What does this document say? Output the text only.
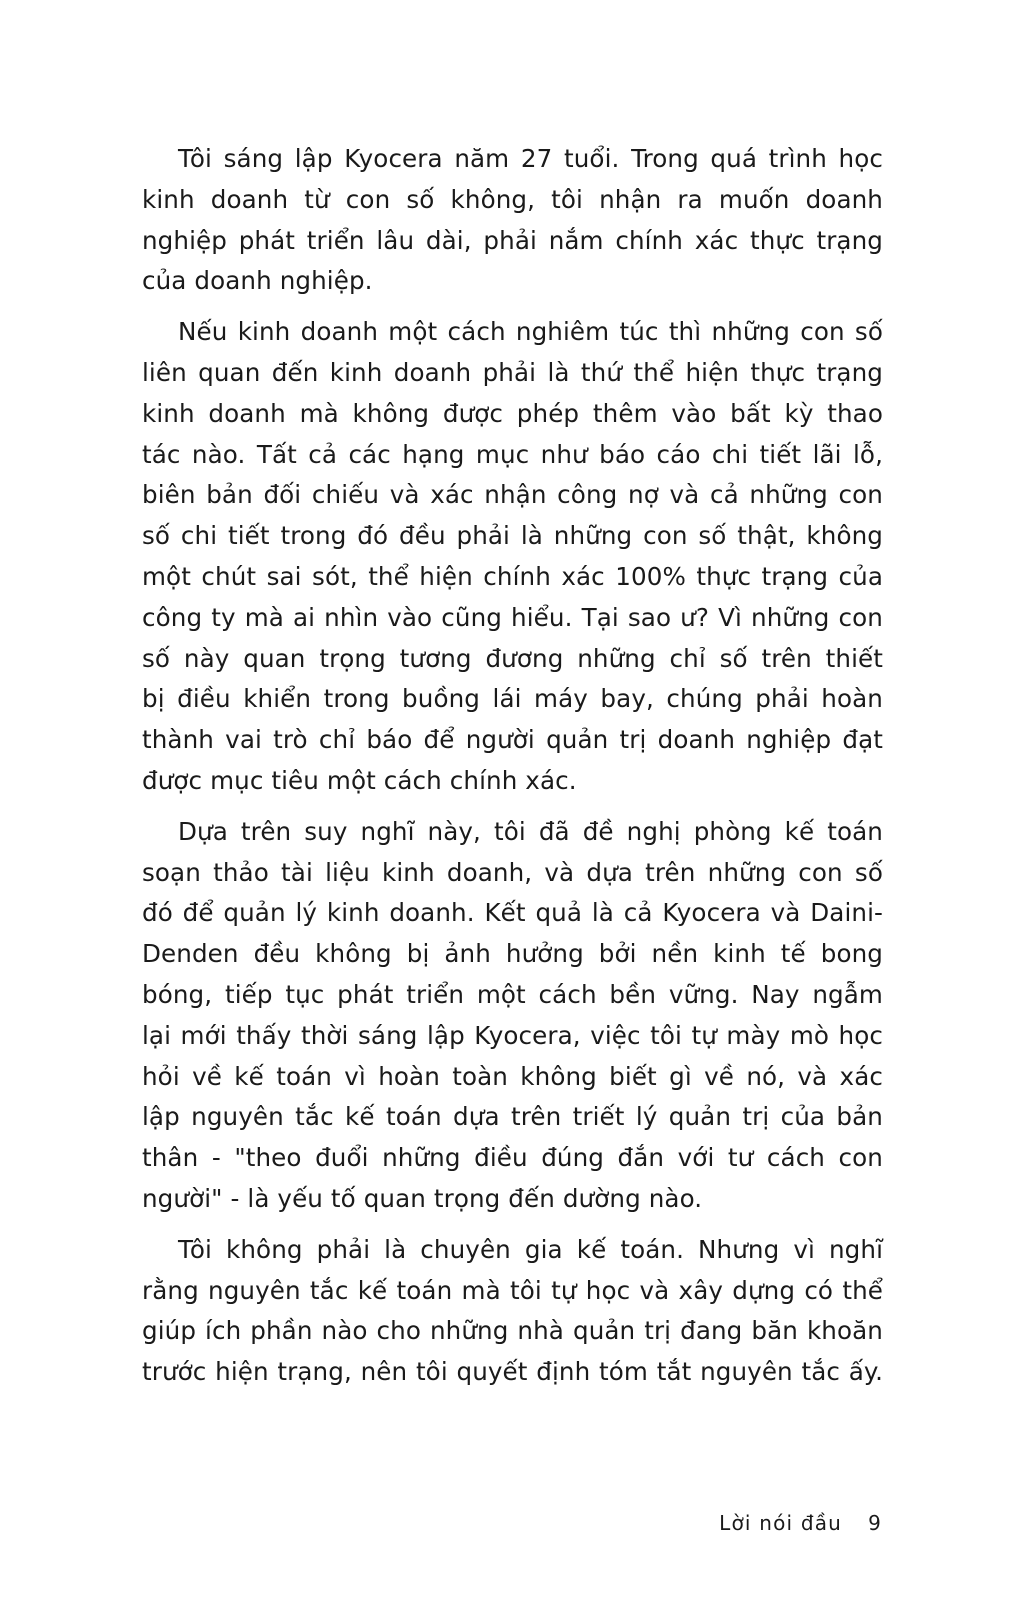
Tôi sáng lập Kyocera năm 27 tuổi. Trong quá trình học
kinh doanh từ con số không, tôi nhận ra muốn doanh
nghiệp phát triển lâu dài, phải nắm chính xác thực trạng
của doanh nghiệp.

Nếu kinh doanh một cách nghiêm túc thì những con số
liên quan đến kinh doanh phải là thứ thể hiện thực trạng
kinh doanh mà không được phép thêm vào bất kỳ thao
tác nào. Tất cả các hạng mục như báo cáo chi tiết lãi lỗ,
biên bản đối chiếu và xác nhận công nợ và cả những con
số chi tiết trong đó đều phải là những con số thật, không
một chút sai sót, thể hiện chính xác 100% thực trạng của
công ty mà ai nhìn vào cũng hiểu. Tại sao ư? Vì những con
số này quan trọng tương đương những chỉ số trên thiết
bị điều khiển trong buồng lái máy bay, chúng phải hoàn
thành vai trò chỉ báo để người quản trị doanh nghiệp đạt
được mục tiêu một cách chính xác.

Dựa trên suy nghĩ này, tôi đã đề nghị phòng kế toán
soạn thảo tài liệu kinh doanh, và dựa trên những con số
đó để quản lý kinh doanh. Kết quả là cả Kyocera và Daini-
Denden đều không bị ảnh hưởng bởi nền kinh tế bong
bóng, tiếp tục phát triển một cách bền vững. Nay ngẫm
lại mới thấy thời sáng lập Kyocera, việc tôi tự mày mò học
hỏi về kế toán vì hoàn toàn không biết gì về nó, và xác
lập nguyên tắc kế toán dựa trên triết lý quản trị của bản
thân - "theo đuổi những điều đúng đắn với tư cách con
người" - là yếu tố quan trọng đến dường nào.

Tôi không phải là chuyên gia kế toán. Nhưng vì nghĩ
rằng nguyên tắc kế toán mà tôi tự học và xây dựng có thể
giúp ích phần nào cho những nhà quản trị đang băn khoăn
trước hiện trạng, nên tôi quyết định tóm tắt nguyên tắc ấy.

Lời nói đầu 9
